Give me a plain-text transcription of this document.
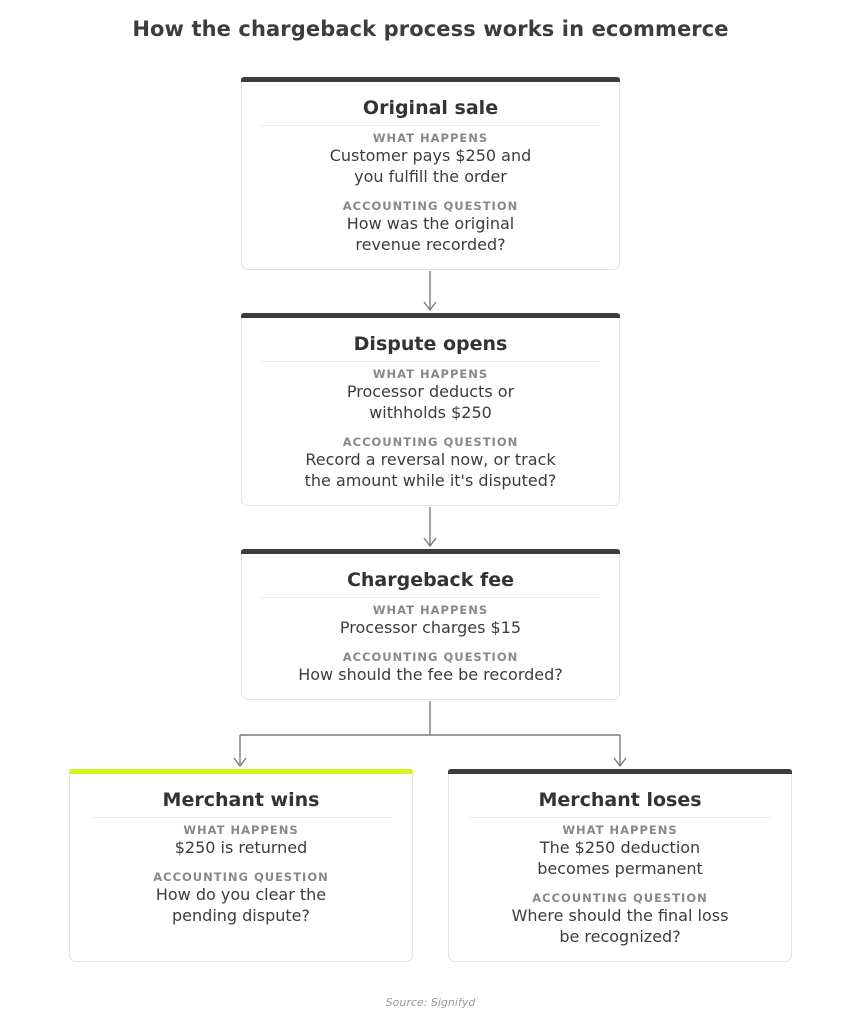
How the chargeback process works in ecommerce
Original sale
WHAT HAPPENS
Customer pays $250 and
you fulfill the order
ACCOUNTING QUESTION
How was the original
revenue recorded?
Dispute opens
WHAT HAPPENS
Processor deducts or
withholds $250
ACCOUNTING QUESTION
Record a reversal now, or track
the amount while it's disputed?
Chargeback fee
WHAT HAPPENS
Processor charges $15
ACCOUNTING QUESTION
How should the fee be recorded?
Merchant wins
WHAT HAPPENS
$250 is returned
ACCOUNTING QUESTION
How do you clear the
pending dispute?
Merchant loses
WHAT HAPPENS
The $250 deduction
becomes permanent
ACCOUNTING QUESTION
Where should the final loss
be recognized?
Source: Signifyd
